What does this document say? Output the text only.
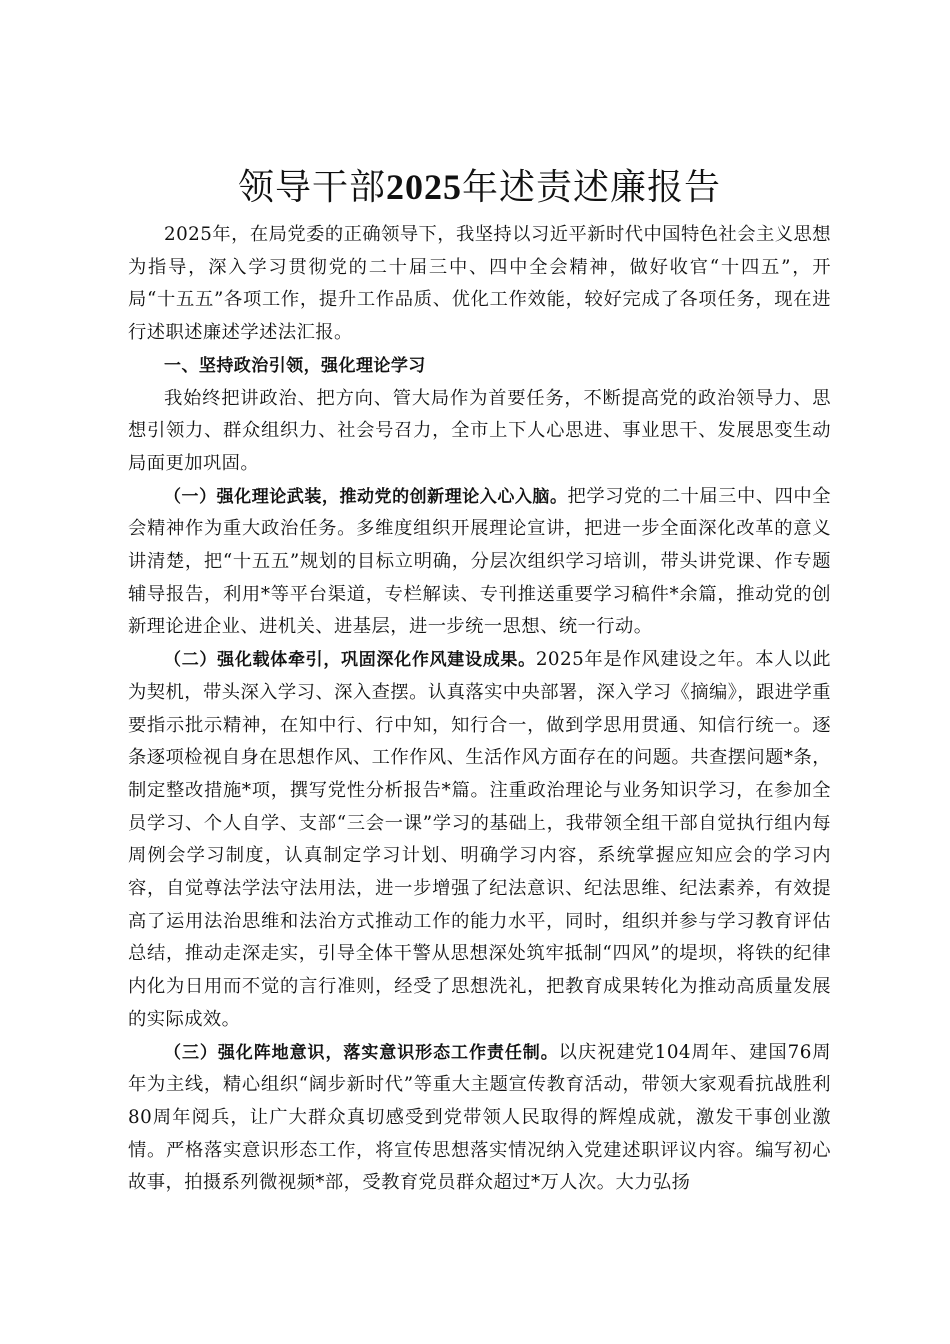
领导干部2025年述责述廉报告

2025年，在局党委的正确领导下，我坚持以习近平新时代中国特色社会主义思想为指导，深入学习贯彻党的二十届三中、四中全会精神，做好收官“十四五”，开局“十五五”各项工作，提升工作品质、优化工作效能，较好完成了各项任务，现在进行述职述廉述学述法汇报。

一、坚持政治引领，强化理论学习

我始终把讲政治、把方向、管大局作为首要任务，不断提高党的政治领导力、思想引领力、群众组织力、社会号召力，全市上下人心思进、事业思干、发展思变生动局面更加巩固。

（一）强化理论武装，推动党的创新理论入心入脑。把学习党的二十届三中、四中全会精神作为重大政治任务。多维度组织开展理论宣讲，把进一步全面深化改革的意义讲清楚，把“十五五”规划的目标立明确，分层次组织学习培训，带头讲党课、作专题辅导报告，利用*等平台渠道，专栏解读、专刊推送重要学习稿件*余篇，推动党的创新理论进企业、进机关、进基层，进一步统一思想、统一行动。

（二）强化载体牵引，巩固深化作风建设成果。2025年是作风建设之年。本人以此为契机，带头深入学习、深入查摆。认真落实中央部署，深入学习《摘编》，跟进学重要指示批示精神，在知中行、行中知，知行合一，做到学思用贯通、知信行统一。逐条逐项检视自身在思想作风、工作作风、生活作风方面存在的问题。共查摆问题*条，制定整改措施*项，撰写党性分析报告*篇。注重政治理论与业务知识学习，在参加全员学习、个人自学、支部“三会一课”学习的基础上，我带领全组干部自觉执行组内每周例会学习制度，认真制定学习计划、明确学习内容，系统掌握应知应会的学习内容，自觉尊法学法守法用法，进一步增强了纪法意识、纪法思维、纪法素养，有效提高了运用法治思维和法治方式推动工作的能力水平，同时，组织并参与学习教育评估总结，推动走深走实，引导全体干警从思想深处筑牢抵制“四风”的堤坝，将铁的纪律内化为日用而不觉的言行准则，经受了思想洗礼，把教育成果转化为推动高质量发展的实际成效。

（三）强化阵地意识，落实意识形态工作责任制。以庆祝建党104周年、建国76周年为主线，精心组织“阔步新时代”等重大主题宣传教育活动，带领大家观看抗战胜利80周年阅兵，让广大群众真切感受到党带领人民取得的辉煌成就，激发干事创业激情。严格落实意识形态工作，将宣传思想落实情况纳入党建述职评议内容。编写初心故事，拍摄系列微视频*部，受教育党员群众超过*万人次。大力弘扬
